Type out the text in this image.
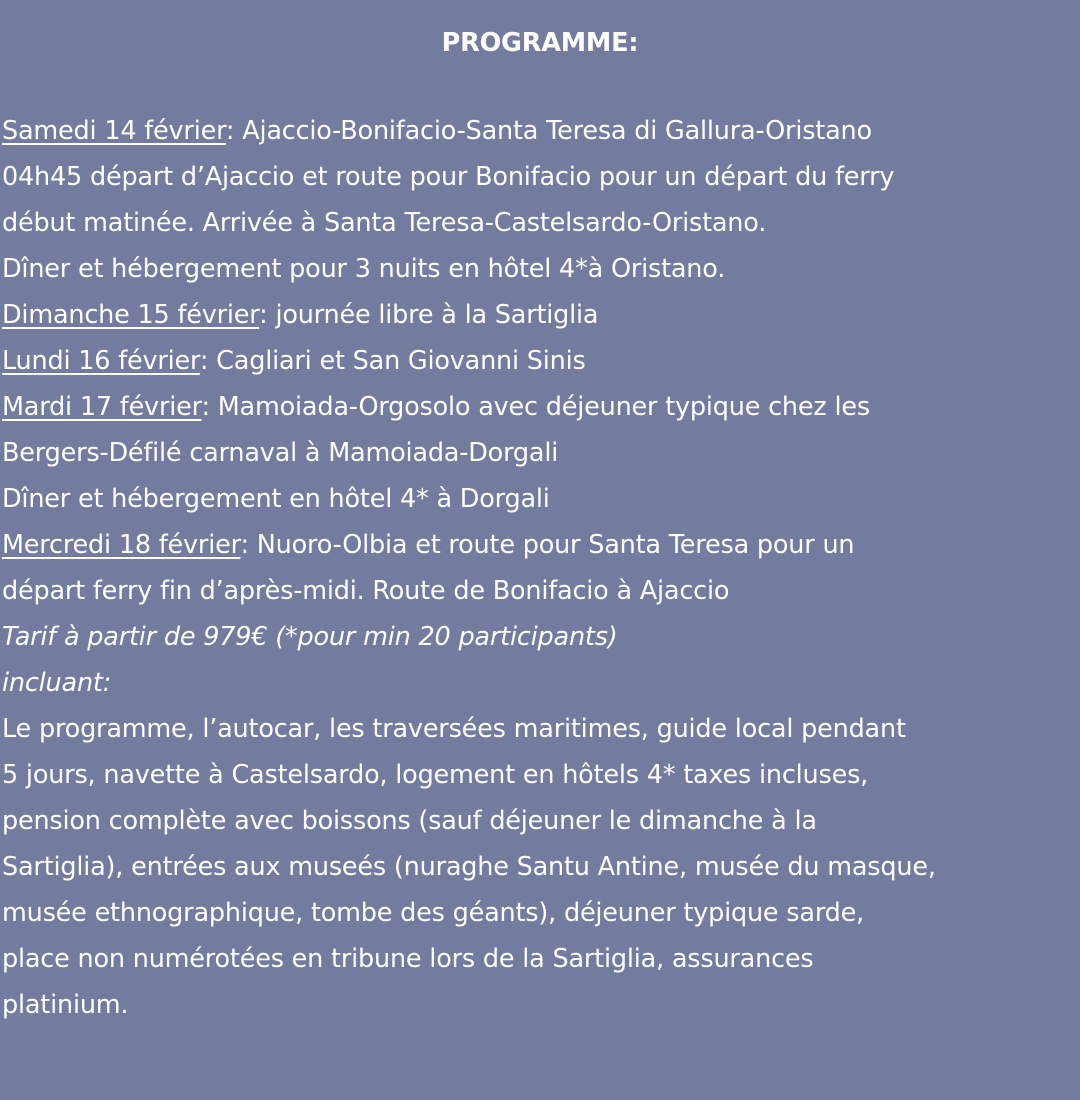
PROGRAMME:
Samedi 14 février: Ajaccio-Bonifacio-Santa Teresa di Gallura-Oristano
04h45 départ d’Ajaccio et route pour Bonifacio pour un départ du ferry
début matinée. Arrivée à Santa Teresa-Castelsardo-Oristano.
Dîner et hébergement pour 3 nuits en hôtel 4*à Oristano.
Dimanche 15 février: journée libre à la Sartiglia
Lundi 16 février: Cagliari et San Giovanni Sinis
Mardi 17 février: Mamoiada-Orgosolo avec déjeuner typique chez les
Bergers-Défilé carnaval à Mamoiada-Dorgali
Dîner et hébergement en hôtel 4* à Dorgali
Mercredi 18 février: Nuoro-Olbia et route pour Santa Teresa pour un
départ ferry fin d’après-midi. Route de Bonifacio à Ajaccio
Tarif à partir de 979€ (*pour min 20 participants)
incluant:
Le programme, l’autocar, les traversées maritimes, guide local pendant
5 jours, navette à Castelsardo, logement en hôtels 4* taxes incluses,
pension complète avec boissons (sauf déjeuner le dimanche à la
Sartiglia), entrées aux museés (nuraghe Santu Antine, musée du masque,
musée ethnographique, tombe des géants), déjeuner typique sarde,
place non numérotées en tribune lors de la Sartiglia, assurances
platinium.
